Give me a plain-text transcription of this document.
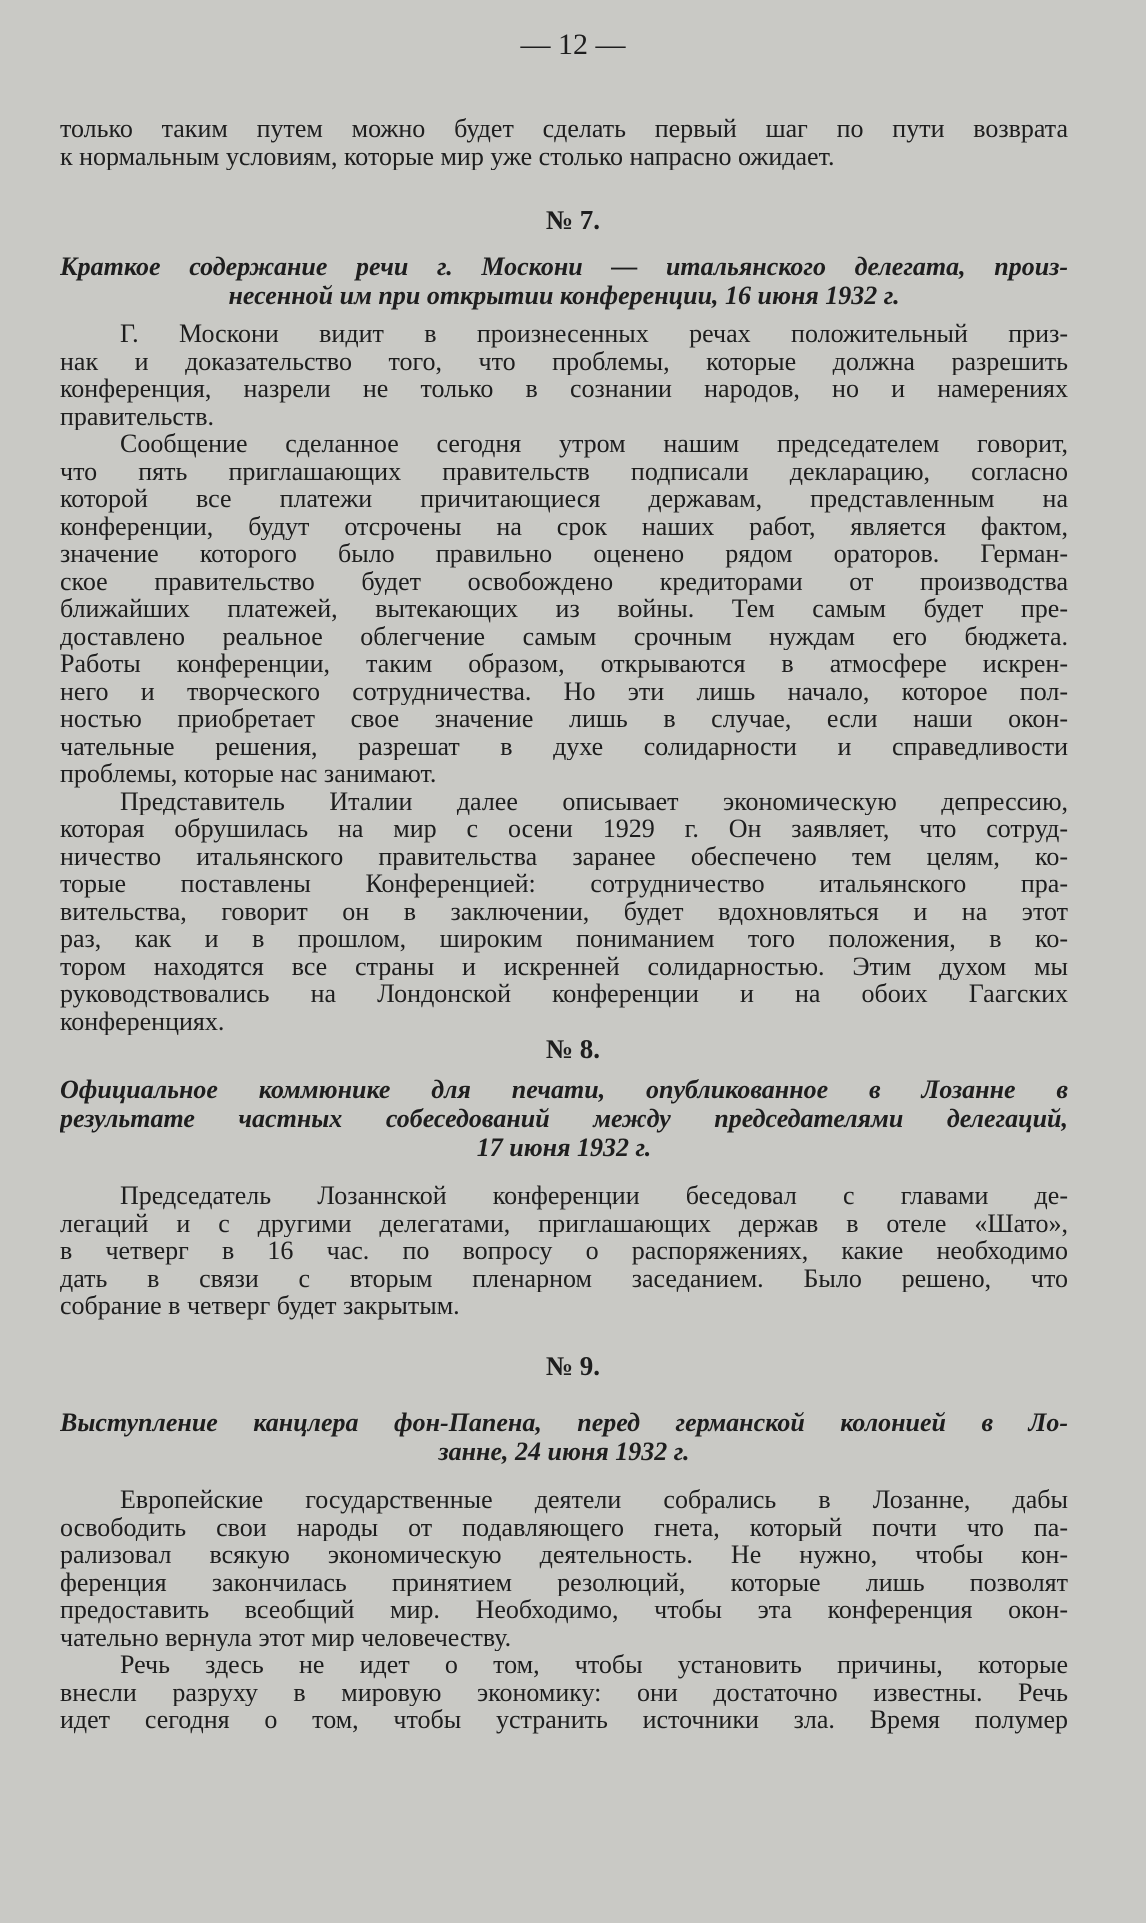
— 12 —
только таким путем можно будет сделать первый шаг по пути возврата
к нормальным условиям, которые мир уже столько напрасно ожидает.
№ 7.
Краткое содержание речи г. Москони — итальянского делегата, произ-
несенной им при открытии конференции, 16 июня 1932 г.
Г. Москони видит в произнесенных речах положительный приз-
нак и доказательство того, что проблемы, которые должна разрешить
конференция, назрели не только в сознании народов, но и намерениях
правительств.
Сообщение сделанное сегодня утром нашим председателем говорит,
что пять приглашающих правительств подписали декларацию, согласно
которой все платежи причитающиеся державам, представленным на
конференции, будут отсрочены на срок наших работ, является фактом,
значение которого было правильно оценено рядом ораторов. Герман-
ское правительство будет освобождено кредиторами от производства
ближайших платежей, вытекающих из войны. Тем самым будет пре-
доставлено реальное облегчение самым срочным нуждам его бюджета.
Работы конференции, таким образом, открываются в атмосфере искрен-
него и творческого сотрудничества. Но эти лишь начало, которое пол-
ностью приобретает свое значение лишь в случае, если наши окон-
чательные решения, разрешат в духе солидарности и справедливости
проблемы, которые нас занимают.
Представитель Италии далее описывает экономическую депрессию,
которая обрушилась на мир с осени 1929 г. Он заявляет, что сотруд-
ничество итальянского правительства заранее обеспечено тем целям, ко-
торые поставлены Конференцией: сотрудничество итальянского пра-
вительства, говорит он в заключении, будет вдохновляться и на этот
раз, как и в прошлом, широким пониманием того положения, в ко-
тором находятся все страны и искренней солидарностью. Этим духом мы
руководствовались на Лондонской конференции и на обоих Гаагских
конференциях.
№ 8.
Официальное коммюнике для печати, опубликованное в Лозанне в
результате частных собеседований между председателями делегаций,
17 июня 1932 г.
Председатель Лозаннской конференции беседовал с главами де-
легаций и с другими делегатами, приглашающих держав в отеле «Шато»,
в четверг в 16 час. по вопросу о распоряжениях, какие необходимо
дать в связи с вторым пленарном заседанием. Было решено, что
собрание в четверг будет закрытым.
№ 9.
Выступление канцлера фон-Папена, перед германской колонией в Ло-
занне, 24 июня 1932 г.
Европейские государственные деятели собрались в Лозанне, дабы
освободить свои народы от подавляющего гнета, который почти что па-
рализовал всякую экономическую деятельность. Не нужно, чтобы кон-
ференция закончилась принятием резолюций, которые лишь позволят
предоставить всеобщий мир. Необходимо, чтобы эта конференция окон-
чательно вернула этот мир человечеству.
Речь здесь не идет о том, чтобы установить причины, которые
внесли разруху в мировую экономику: они достаточно известны. Речь
идет сегодня о том, чтобы устранить источники зла. Время полумер
